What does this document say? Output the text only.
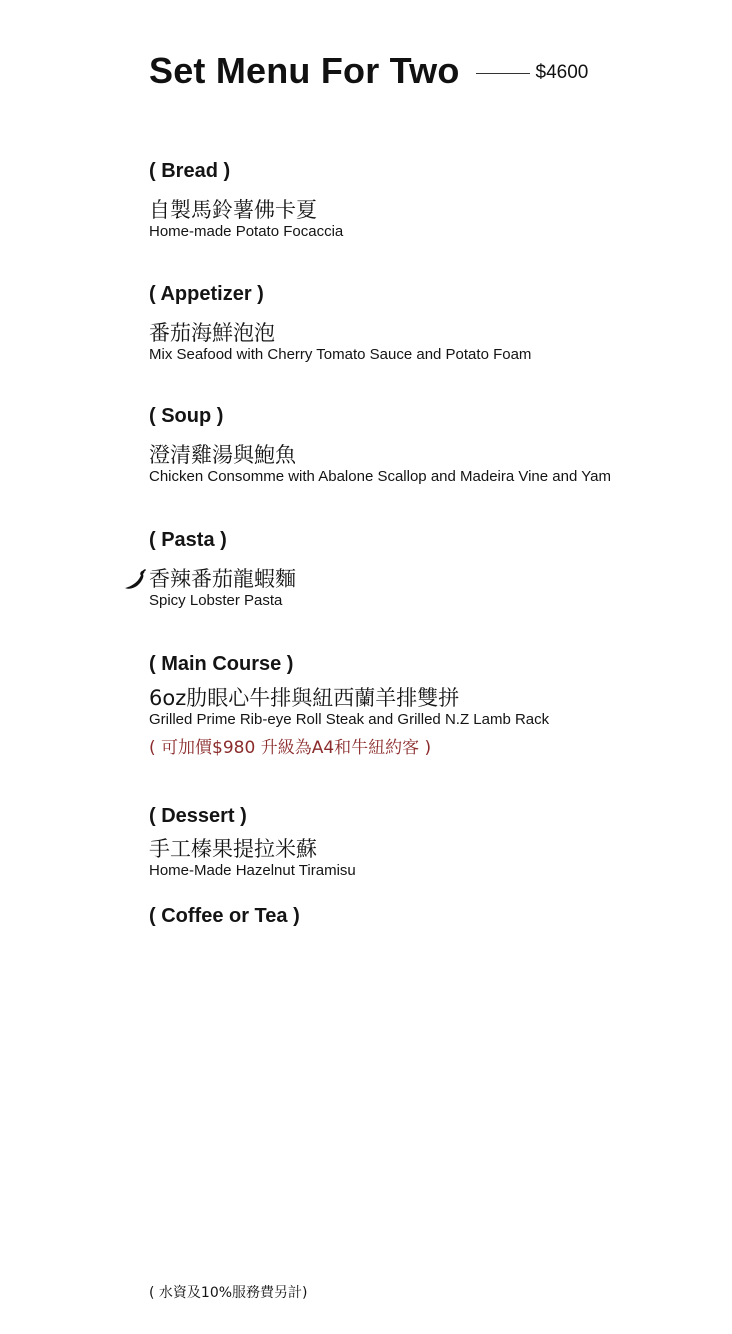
Set Menu For Two	$4600
( Bread )
自製馬鈴薯佛卡夏
Home-made Potato Focaccia
( Appetizer )
番茄海鮮泡泡
Mix Seafood with Cherry Tomato Sauce and Potato Foam
( Soup )
澄清雞湯與鮑魚
Chicken Consomme with Abalone Scallop and Madeira Vine and Yam
( Pasta )
香辣番茄龍蝦麵
Spicy Lobster Pasta
( Main Course )
6oz肋眼心牛排與紐西蘭羊排雙拼
Grilled Prime Rib-eye Roll Steak and Grilled N.Z Lamb Rack
( 可加價$980 升級為A4和牛紐約客 )
( Dessert )
手工榛果提拉米蘇
Home-Made Hazelnut Tiramisu
( Coffee or Tea )
( 水資及10%服務費另計)
